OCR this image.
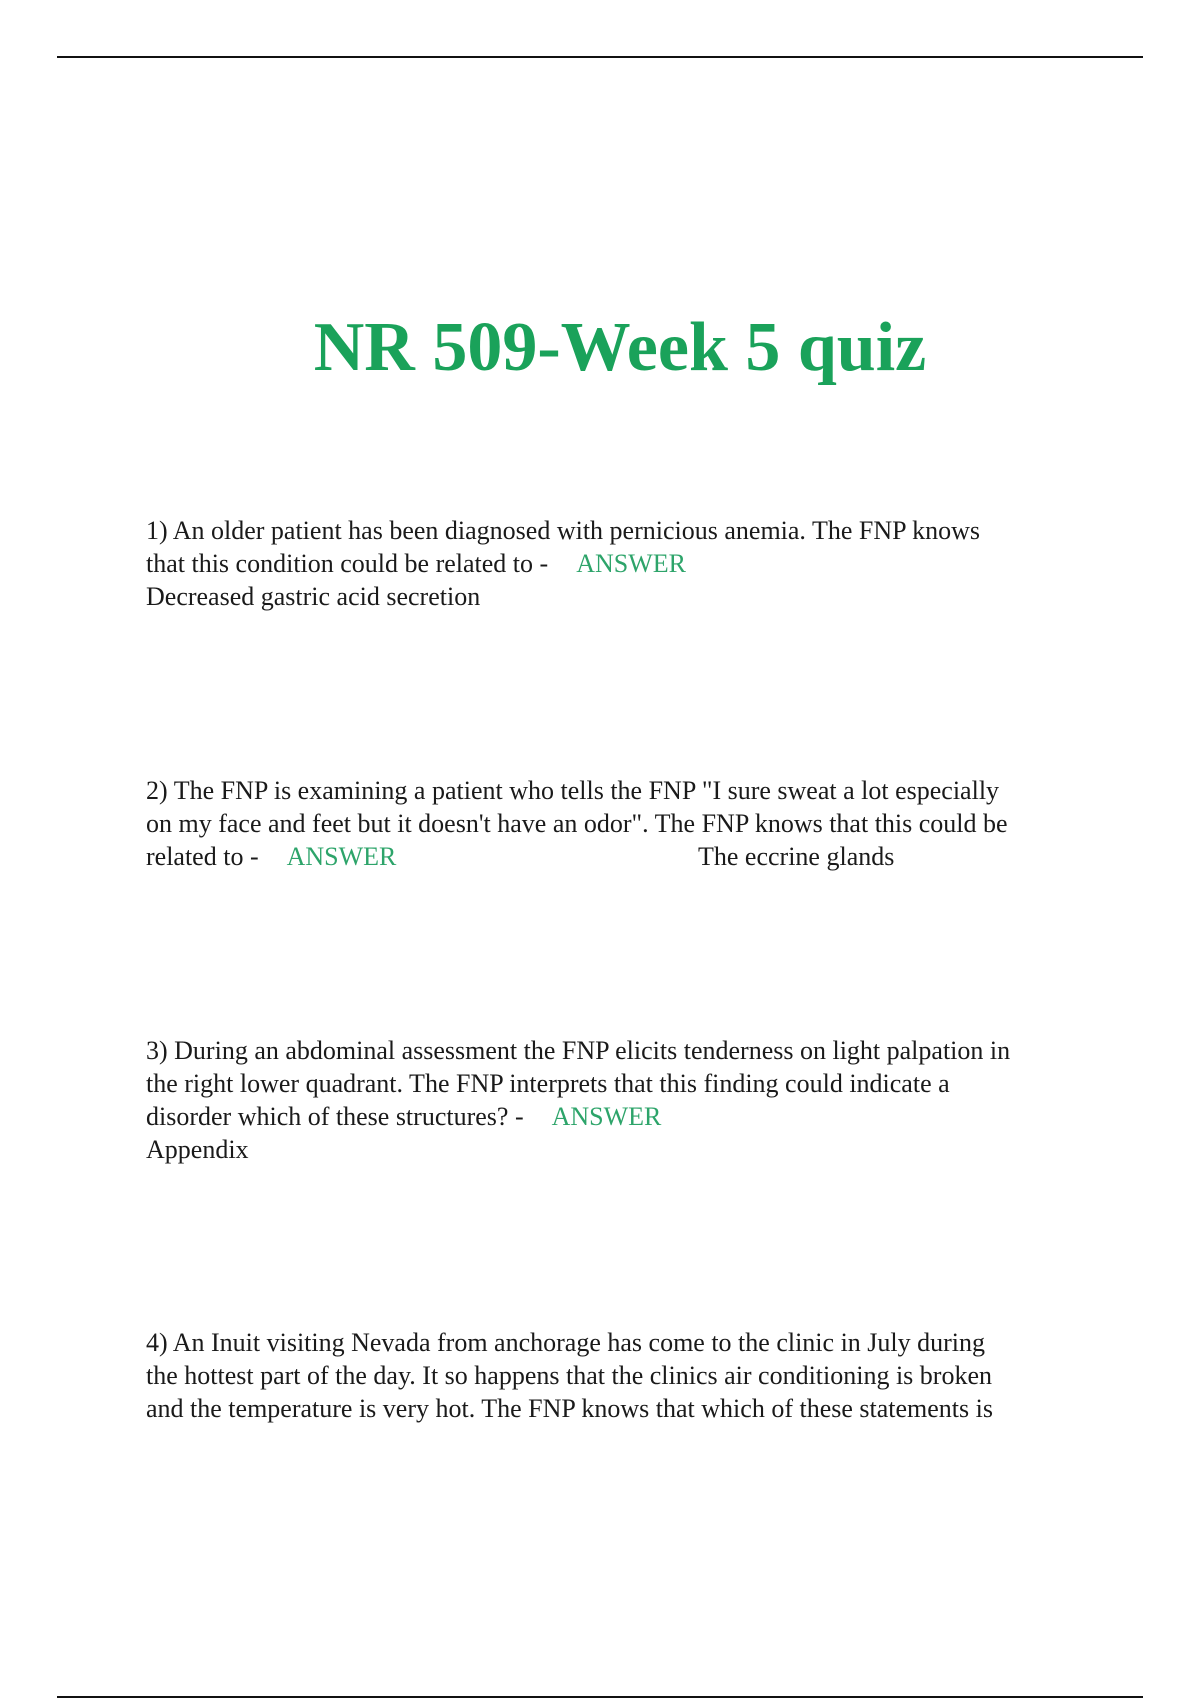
NR 509-Week 5 quiz
1) An older patient has been diagnosed with pernicious anemia. The FNP knows
that this condition could be related to - ANSWER
Decreased gastric acid secretion
2) The FNP is examining a patient who tells the FNP "I sure sweat a lot especially
on my face and feet but it doesn't have an odor". The FNP knows that this could be
related to - ANSWER	The eccrine glands
3) During an abdominal assessment the FNP elicits tenderness on light palpation in
the right lower quadrant. The FNP interprets that this finding could indicate a
disorder which of these structures? - ANSWER
Appendix
4) An Inuit visiting Nevada from anchorage has come to the clinic in July during
the hottest part of the day. It so happens that the clinics air conditioning is broken
and the temperature is very hot. The FNP knows that which of these statements is
